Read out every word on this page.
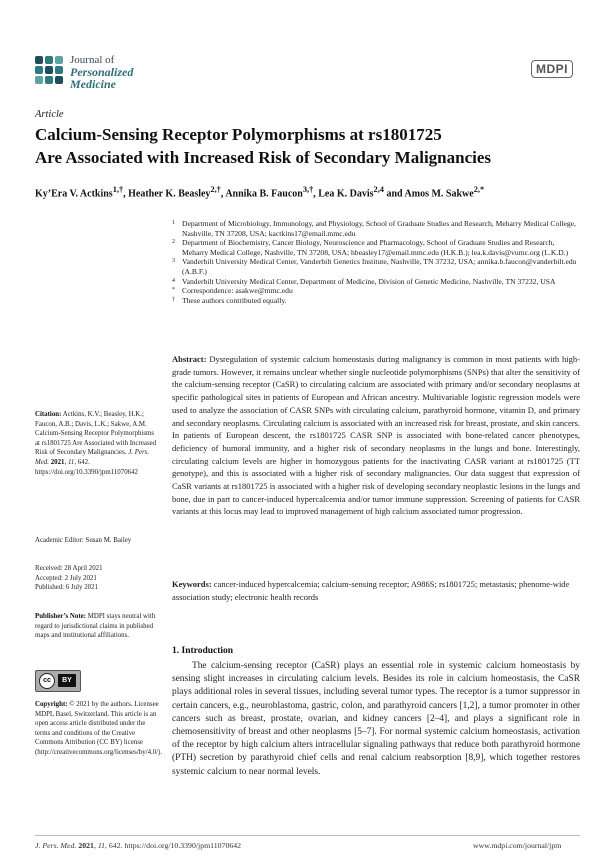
Journal of
Personalized
Medicine
MDPI
Article
Calcium-Sensing Receptor Polymorphisms at rs1801725
Are Associated with Increased Risk of Secondary Malignancies
Ky’Era V. Actkins$^{1,\dagger}$, Heather K. Beasley$^{2,\dagger}$, Annika B. Faucon$^{3,\dagger}$, Lea K. Davis$^{2,4}$ and Amos M. Sakwe$^{2,*}$
1 Department of Microbiology, Immunology, and Physiology, School of Graduate Studies and Research, Meharry Medical College, Nashville, TN 37208, USA; kactkins17@email.mmc.edu
2 Department of Biochemistry, Cancer Biology, Neuroscience and Pharmacology, School of Graduate Studies and Research, Meharry Medical College, Nashville, TN 37208, USA; hbeasley17@email.mmc.edu (H.K.B.); lea.k.davis@vumc.org (L.K.D.)
3 Vanderbilt University Medical Center, Vanderbilt Genetics Institute, Nashville, TN 37232, USA; annika.b.faucon@vanderbilt.edu (A.B.F.)
4 Vanderbilt University Medical Center, Department of Medicine, Division of Genetic Medicine, Nashville, TN 37232, USA
* Correspondence: asakwe@mmc.edu
† These authors contributed equally.
Abstract: Dysregulation of systemic calcium homeostasis during malignancy is common in most patients with high-grade tumors. However, it remains unclear whether single nucleotide polymorphisms (SNPs) that alter the sensitivity of the calcium-sensing receptor (CaSR) to circulating calcium are associated with primary and/or secondary neoplasms at specific pathological sites in patients of European and African ancestry. Multivariable logistic regression models were used to analyze the association of CASR SNPs with circulating calcium, parathyroid hormone, vitamin D, and primary and secondary neoplasms. Circulating calcium is associated with an increased risk for breast, prostate, and skin cancers. In patients of European descent, the rs1801725 CASR SNP is associated with bone-related cancer phenotypes, deficiency of humoral immunity, and a higher risk of secondary neoplasms in the lungs and bone. Interestingly, circulating calcium levels are higher in homozygous patients for the inactivating CASR variant at rs1801725 (TT genotype), and this is associated with a higher risk of secondary malignancies. Our data suggest that expression of CaSR variants at rs1801725 is associated with a higher risk of developing secondary neoplastic lesions in the lungs and bone, due in part to cancer-induced hypercalcemia and/or tumor immune suppression. Screening of patients for CASR variants at this locus may lead to improved management of high calcium associated tumor progression.
Keywords: cancer-induced hypercalcemia; calcium-sensing receptor; A986S; rs1801725; metastasis; phenome-wide association study; electronic health records
Citation: Actkins, K.V.; Beasley, H.K.; Faucon, A.B.; Davis, L.K.; Sakwe, A.M. Calcium-Sensing Receptor Polymorphisms at rs1801725 Are Associated with Increased Risk of Secondary Malignancies. J. Pers. Med. 2021, 11, 642. https://doi.org/10.3390/jpm11070642
Academic Editor: Susan M. Bailey
Received: 28 April 2021
Accepted: 2 July 2021
Published: 6 July 2021
Publisher’s Note: MDPI stays neutral with regard to jurisdictional claims in published maps and institutional affiliations.
cc	BY
Copyright: © 2021 by the authors. Licensee MDPI, Basel, Switzerland. This article is an open access article distributed under the terms and conditions of the Creative Commons Attribution (CC BY) license (http://creativecommons.org/licenses/by/4.0/).
1. Introduction
The calcium-sensing receptor (CaSR) plays an essential role in systemic calcium homeostasis by sensing slight increases in circulating calcium levels. Besides its role in calcium homeostasis, the CaSR plays additional roles in several tissues, including several tumor types. The receptor is a tumor suppressor in certain cancers, e.g., neuroblastoma, gastric, colon, and parathyroid cancers [1,2], a tumor promoter in other cancers such as breast, prostate, ovarian, and kidney cancers [2–4], and plays a significant role in chemosensitivity of breast and other neoplasms [5–7]. For normal systemic calcium homeostasis, activation of the receptor by high calcium alters intracellular signaling pathways that reduce both parathyroid hormone (PTH) secretion by parathyroid chief cells and renal calcium reabsorption [8,9], which together restores systemic calcium to near normal levels.
J. Pers. Med. 2021, 11, 642. https://doi.org/10.3390/jpm11070642	www.mdpi.com/journal/jpm
